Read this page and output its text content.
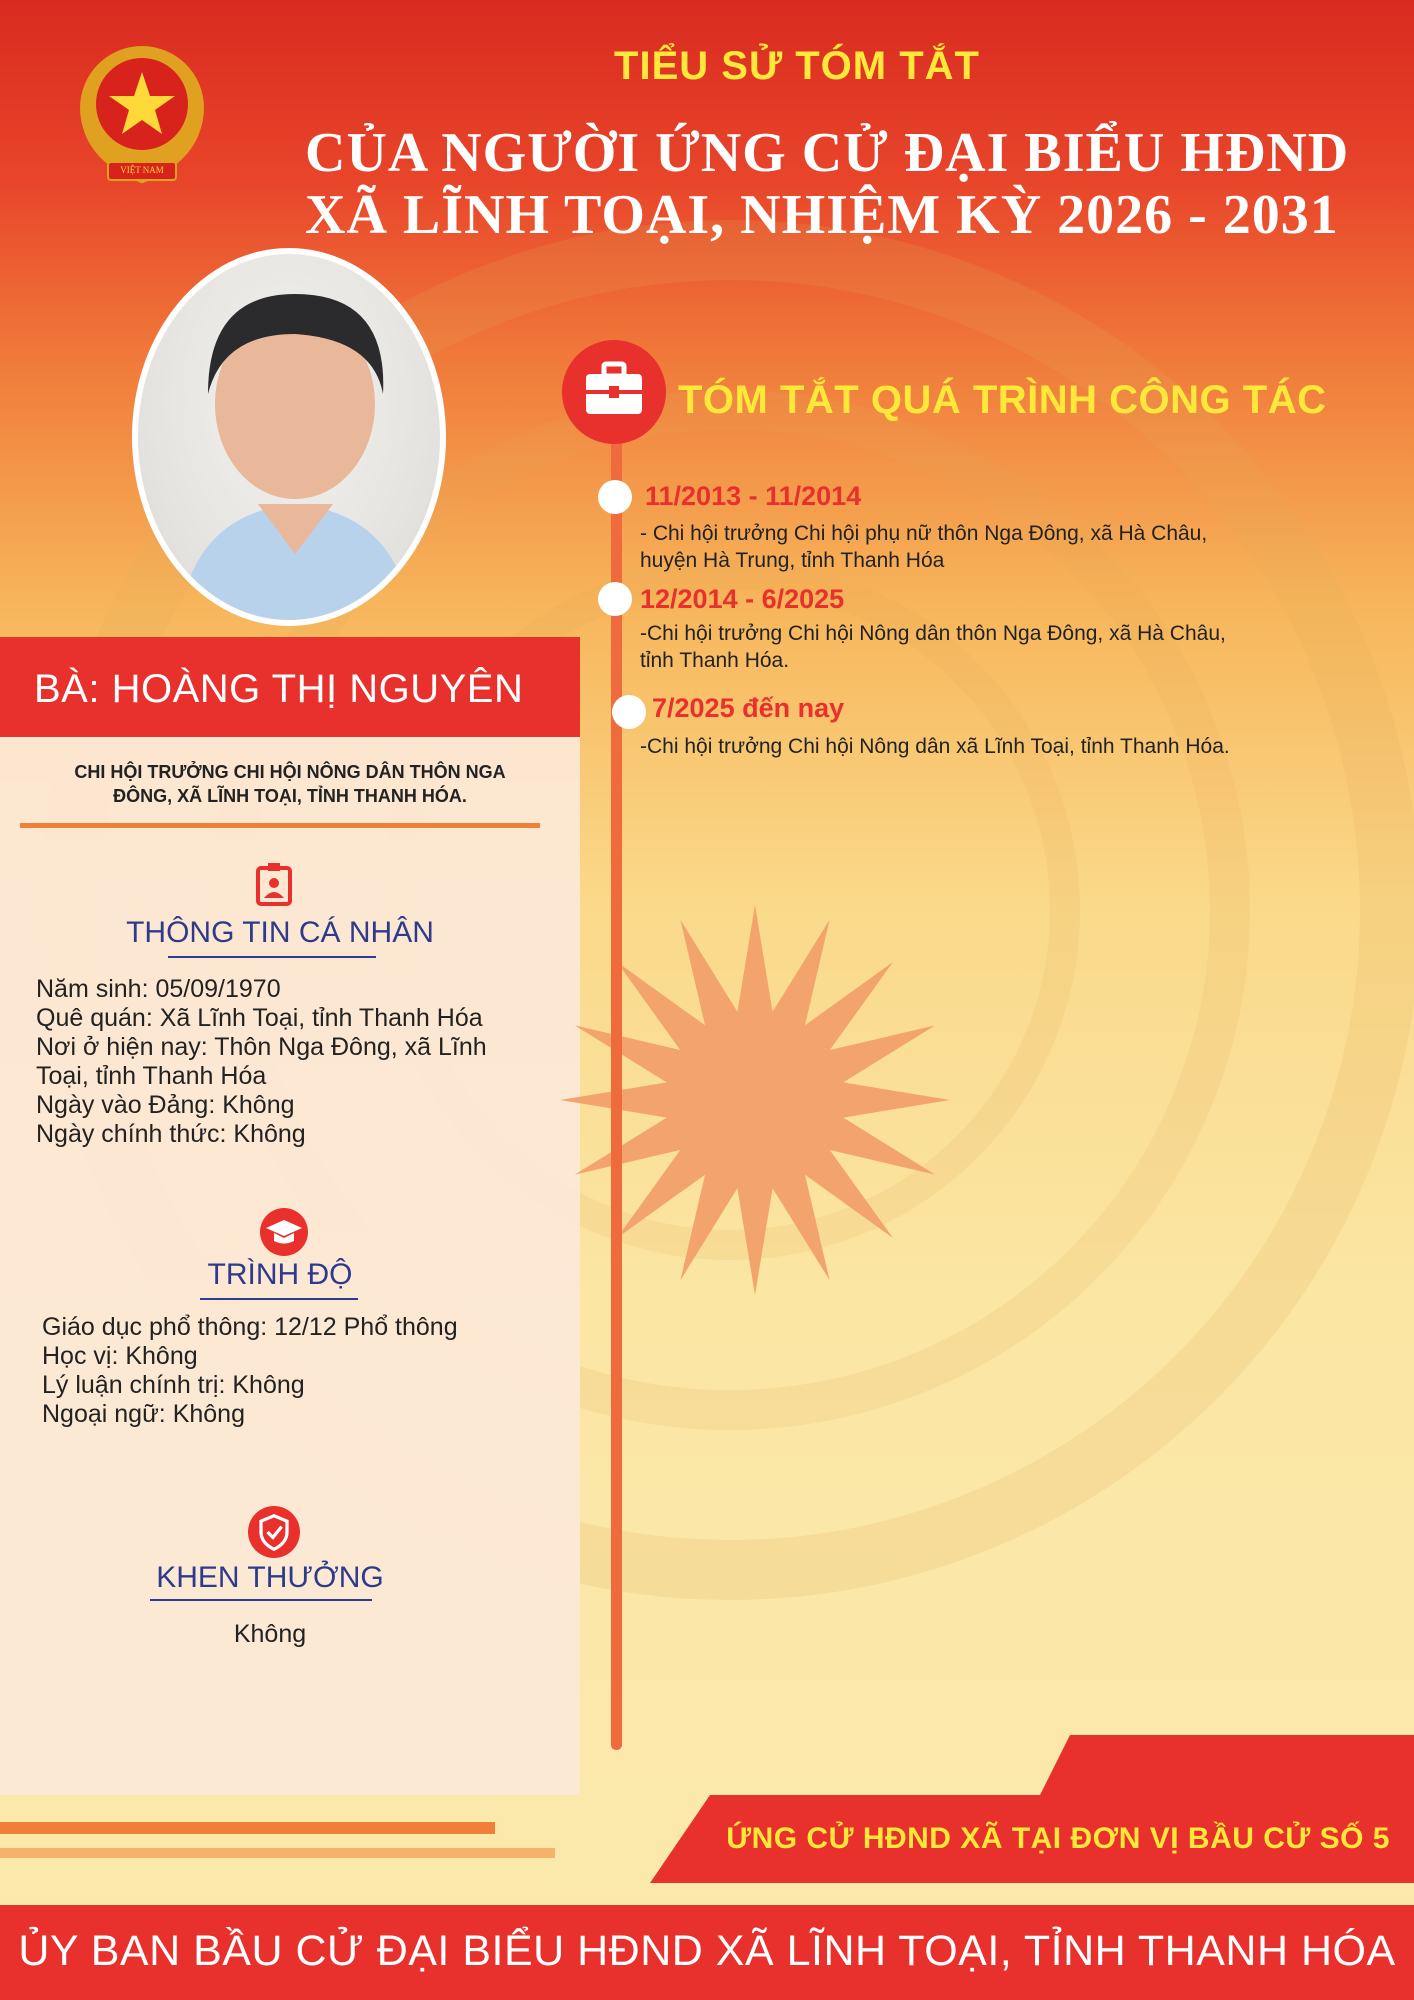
VIỆT NAM
TIỂU SỬ TÓM TẮT
CỦA NGƯỜI ỨNG CỬ ĐẠI BIỂU HĐND
XÃ LĨNH TOẠI, NHIỆM KỲ 2026 - 2031
BÀ: HOÀNG THỊ NGUYÊN
CHI HỘI TRƯỞNG CHI HỘI NÔNG DÂN THÔN NGA
ĐÔNG, XÃ LĨNH TOẠI, TỈNH THANH HÓA.
THÔNG TIN CÁ NHÂN
Năm sinh: 05/09/1970
Quê quán: Xã Lĩnh Toại, tỉnh Thanh Hóa
Nơi ở hiện nay: Thôn Nga Đông, xã Lĩnh
Toại, tỉnh Thanh Hóa
Ngày vào Đảng: Không
Ngày chính thức: Không
TRÌNH ĐỘ
Giáo dục phổ thông: 12/12 Phổ thông
Học vị: Không
Lý luận chính trị: Không
Ngoại ngữ: Không
KHEN THƯỞNG
Không
TÓM TẮT QUÁ TRÌNH CÔNG TÁC
11/2013 - 11/2014
- Chi hội trưởng Chi hội phụ nữ thôn Nga Đông, xã Hà Châu,
huyện Hà Trung, tỉnh Thanh Hóa
12/2014 - 6/2025
-Chi hội trưởng Chi hội Nông dân thôn Nga Đông, xã Hà Châu,
tỉnh Thanh Hóa.
7/2025 đến nay
-Chi hội trưởng Chi hội Nông dân xã Lĩnh Toại, tỉnh Thanh Hóa.
ỨNG CỬ HĐND XÃ TẠI ĐƠN VỊ BẦU CỬ SỐ 5
ỦY BAN BẦU CỬ ĐẠI BIỂU HĐND XÃ LĨNH TOẠI, TỈNH THANH HÓA
